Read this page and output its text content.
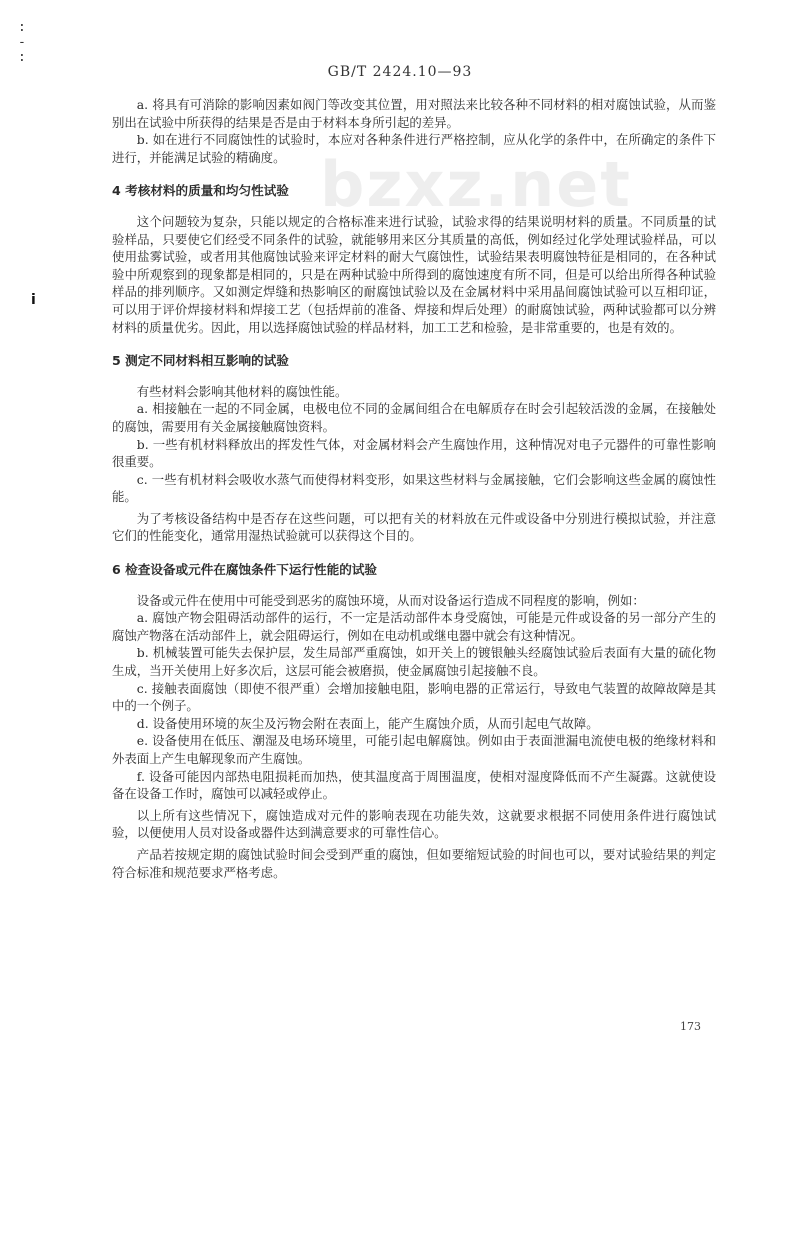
:
-
:
i
GB/T 2424.10—93
bzxz.net

a. 将具有可消除的影响因素如阀门等改变其位置，用对照法来比较各种不同材料的相对腐蚀试验，从而鉴别出在试验中所获得的结果是否是由于材料本身所引起的差异。

b. 如在进行不同腐蚀性的试验时，本应对各种条件进行严格控制，应从化学的条件中，在所确定的条件下进行，并能满足试验的精确度。

4 考核材料的质量和均匀性试验

这个问题较为复杂，只能以规定的合格标准来进行试验，试验求得的结果说明材料的质量。不同质量的试验样品，只要使它们经受不同条件的试验，就能够用来区分其质量的高低，例如经过化学处理试验样品，可以使用盐雾试验，或者用其他腐蚀试验来评定材料的耐大气腐蚀性，试验结果表明腐蚀特征是相同的，在各种试验中所观察到的现象都是相同的，只是在两种试验中所得到的腐蚀速度有所不同，但是可以给出所得各种试验样品的排列顺序。又如测定焊缝和热影响区的耐腐蚀试验以及在金属材料中采用晶间腐蚀试验可以互相印证，可以用于评价焊接材料和焊接工艺（包括焊前的准备、焊接和焊后处理）的耐腐蚀试验，两种试验都可以分辨材料的质量优劣。因此，用以选择腐蚀试验的样品材料，加工工艺和检验，是非常重要的，也是有效的。

5 测定不同材料相互影响的试验

有些材料会影响其他材料的腐蚀性能。

a. 相接触在一起的不同金属，电极电位不同的金属间组合在电解质存在时会引起较活泼的金属，在接触处的腐蚀，需要用有关金属接触腐蚀资料。

b. 一些有机材料释放出的挥发性气体，对金属材料会产生腐蚀作用，这种情况对电子元器件的可靠性影响很重要。

c. 一些有机材料会吸收水蒸气而使得材料变形，如果这些材料与金属接触，它们会影响这些金属的腐蚀性能。

为了考核设备结构中是否存在这些问题，可以把有关的材料放在元件或设备中分别进行模拟试验，并注意它们的性能变化，通常用湿热试验就可以获得这个目的。

6 检查设备或元件在腐蚀条件下运行性能的试验

设备或元件在使用中可能受到恶劣的腐蚀环境，从而对设备运行造成不同程度的影响，例如：

a. 腐蚀产物会阻碍活动部件的运行，不一定是活动部件本身受腐蚀，可能是元件或设备的另一部分产生的腐蚀产物落在活动部件上，就会阻碍运行，例如在电动机或继电器中就会有这种情况。

b. 机械装置可能失去保护层，发生局部严重腐蚀，如开关上的镀银触头经腐蚀试验后表面有大量的硫化物生成，当开关使用上好多次后，这层可能会被磨损，使金属腐蚀引起接触不良。

c. 接触表面腐蚀（即使不很严重）会增加接触电阻，影响电器的正常运行，导致电气装置的故障故障是其中的一个例子。

d. 设备使用环境的灰尘及污物会附在表面上，能产生腐蚀介质，从而引起电气故障。

e. 设备使用在低压、潮湿及电场环境里，可能引起电解腐蚀。例如由于表面泄漏电流使电极的绝缘材料和外表面上产生电解现象而产生腐蚀。

f. 设备可能因内部热电阻损耗而加热，使其温度高于周围温度，使相对湿度降低而不产生凝露。这就使设备在设备工作时，腐蚀可以减轻或停止。

以上所有这些情况下，腐蚀造成对元件的影响表现在功能失效，这就要求根据不同使用条件进行腐蚀试验，以便使用人员对设备或器件达到满意要求的可靠性信心。

产品若按规定期的腐蚀试验时间会受到严重的腐蚀，但如要缩短试验的时间也可以，要对试验结果的判定符合标准和规范要求严格考虑。

173
